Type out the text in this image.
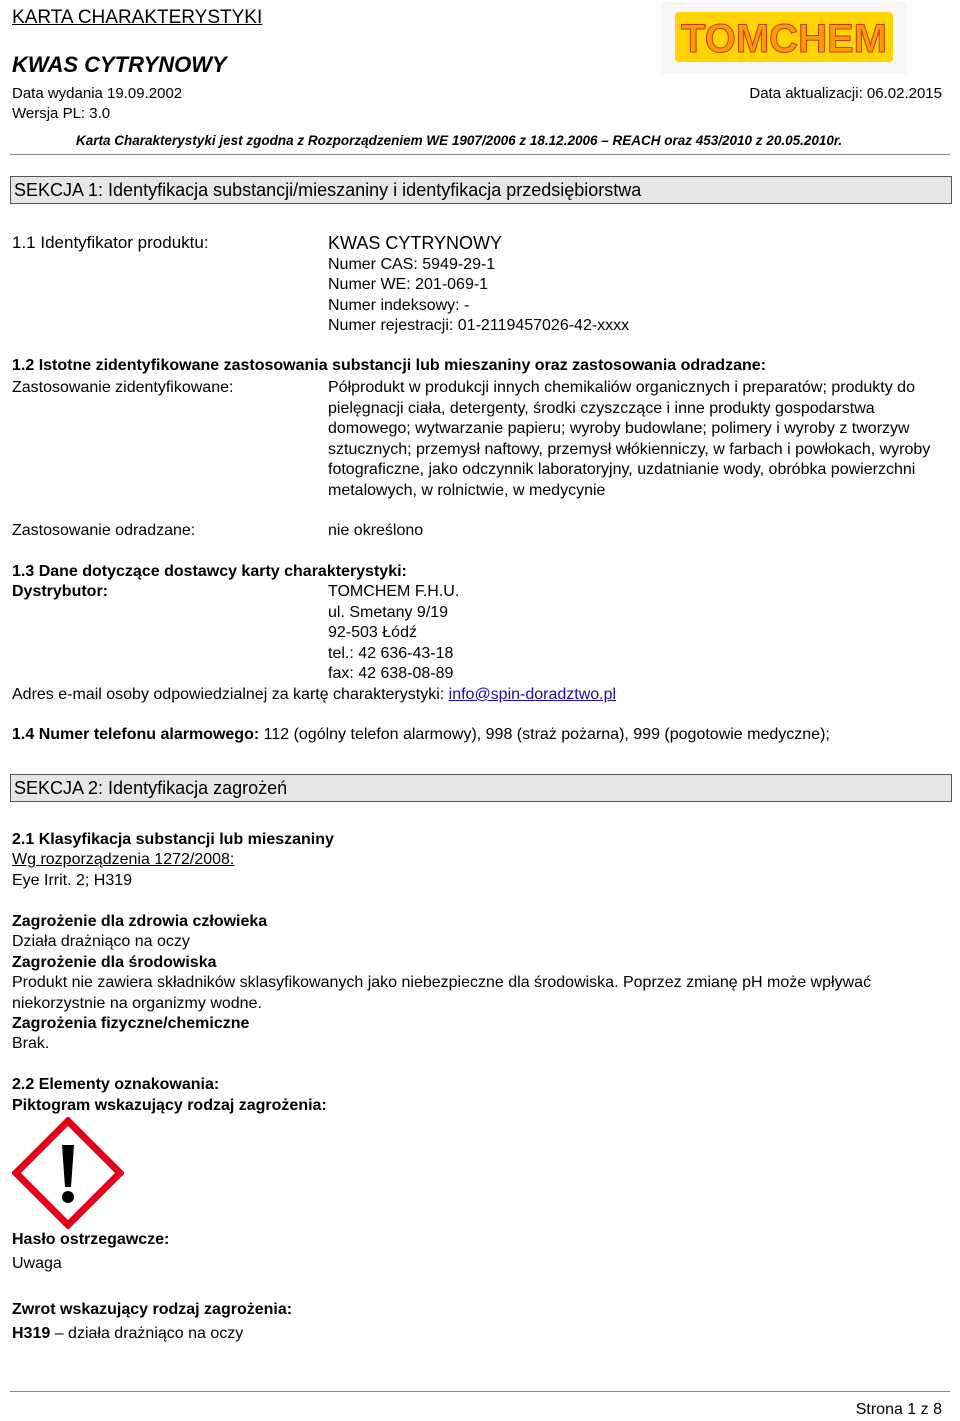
KARTA CHARAKTERYSTYKI
KWAS CYTRYNOWY
Data wydania 19.09.2002	Data aktualizacji: 06.02.2015
Wersja PL: 3.0
Karta Charakterystyki jest zgodna z Rozporządzeniem WE 1907/2006 z 18.12.2006 – REACH oraz 453/2010 z 20.05.2010r.
TOMCHEM
SEKCJA 1: Identyfikacja substancji/mieszaniny i identyfikacja przedsiębiorstwa
1.1 Identyfikator produktu:	KWAS CYTRYNOWY
Numer CAS: 5949-29-1
Numer WE: 201-069-1
Numer indeksowy: -
Numer rejestracji: 01-2119457026-42-xxxx
1.2 Istotne zidentyfikowane zastosowania substancji lub mieszaniny oraz zastosowania odradzane:
Zastosowanie zidentyfikowane:	Półprodukt w produkcji innych chemikaliów organicznych i preparatów; produkty do pielęgnacji ciała, detergenty, środki czyszczące i inne produkty gospodarstwa domowego; wytwarzanie papieru; wyroby budowlane; polimery i wyroby z tworzyw sztucznych; przemysł naftowy, przemysł włókienniczy, w farbach i powłokach, wyroby fotograficzne, jako odczynnik laboratoryjny, uzdatnianie wody, obróbka powierzchni metalowych, w rolnictwie, w medycynie
Zastosowanie odradzane:	nie określono
1.3 Dane dotyczące dostawcy karty charakterystyki:
Dystrybutor:	TOMCHEM F.H.U.
ul. Smetany 9/19
92-503 Łódź
tel.: 42 636-43-18
fax: 42 638-08-89
Adres e-mail osoby odpowiedzialnej za kartę charakterystyki: info@spin-doradztwo.pl
1.4 Numer telefonu alarmowego: 112 (ogólny telefon alarmowy), 998 (straż pożarna), 999 (pogotowie medyczne);
SEKCJA 2: Identyfikacja zagrożeń
2.1 Klasyfikacja substancji lub mieszaniny
Wg rozporządzenia 1272/2008:
Eye Irrit. 2; H319
Zagrożenie dla zdrowia człowieka
Działa drażniąco na oczy
Zagrożenie dla środowiska
Produkt nie zawiera składników sklasyfikowanych jako niebezpieczne dla środowiska. Poprzez zmianę pH może wpływać niekorzystnie na organizmy wodne.
Zagrożenia fizyczne/chemiczne
Brak.
2.2 Elementy oznakowania:
Piktogram wskazujący rodzaj zagrożenia:
Hasło ostrzegawcze:
Uwaga
Zwrot wskazujący rodzaj zagrożenia:
H319 – działa drażniąco na oczy
Strona 1 z 8
